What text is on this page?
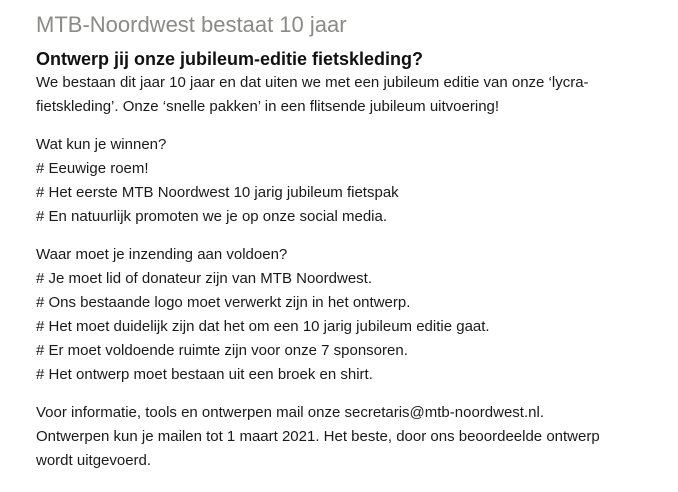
MTB-Noordwest bestaat 10 jaar
Ontwerp jij onze jubileum-editie fietskleding?

We bestaan dit jaar 10 jaar en dat uiten we met een jubileum editie van onze ‘lycra-
fietskleding’. Onze ‘snelle pakken’ in een flitsende jubileum uitvoering!

Wat kun je winnen?
# Eeuwige roem!
# Het eerste MTB Noordwest 10 jarig jubileum fietspak
# En natuurlijk promoten we je op onze social media.

Waar moet je inzending aan voldoen?
# Je moet lid of donateur zijn van MTB Noordwest.
# Ons bestaande logo moet verwerkt zijn in het ontwerp.
# Het moet duidelijk zijn dat het om een 10 jarig jubileum editie gaat.
# Er moet voldoende ruimte zijn voor onze 7 sponsoren.
# Het ontwerp moet bestaan uit een broek en shirt.

Voor informatie, tools en ontwerpen mail onze secretaris@mtb-noordwest.nl.
Ontwerpen kun je mailen tot 1 maart 2021. Het beste, door ons beoordeelde ontwerp
wordt uitgevoerd.
